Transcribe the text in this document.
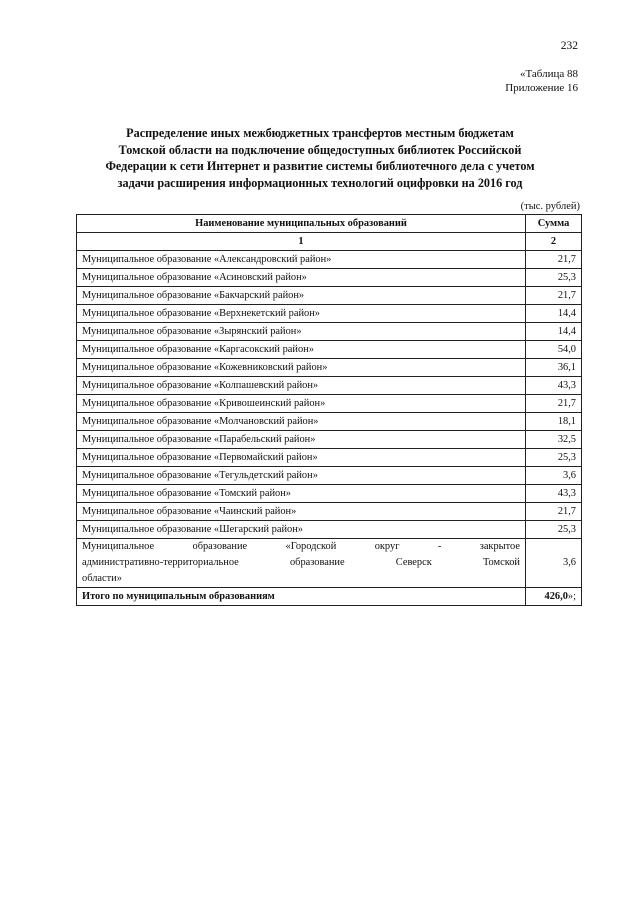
232
«Таблица 88
Приложение 16
Распределение иных межбюджетных трансфертов местным бюджетам
Томской области на подключение общедоступных библиотек Российской
Федерации к сети Интернет и развитие системы библиотечного дела с учетом
задачи расширения информационных технологий оцифровки на 2016 год
(тыс. рублей)
Наименование муниципальных образований	Сумма
1	2
Муниципальное образование «Александровский район»	21,7
Муниципальное образование «Асиновский район»	25,3
Муниципальное образование «Бакчарский район»	21,7
Муниципальное образование «Верхнекетский район»	14,4
Муниципальное образование «Зырянский район»	14,4
Муниципальное образование «Каргасокский район»	54,0
Муниципальное образование «Кожевниковский район»	36,1
Муниципальное образование «Колпашевский район»	43,3
Муниципальное образование «Кривошеинский район»	21,7
Муниципальное образование «Молчановский район»	18,1
Муниципальное образование «Парабельский район»	32,5
Муниципальное образование «Первомайский район»	25,3
Муниципальное образование «Тегульдетский район»	3,6
Муниципальное образование «Томский район»	43,3
Муниципальное образование «Чаинский район»	21,7
Муниципальное образование «Шегарский район»	25,3

Муниципальное образование «Городской округ - закрытое
административно-территориальное образование Северск Томской
области»	3,6
Итого по муниципальным образованиям	426,0»;
